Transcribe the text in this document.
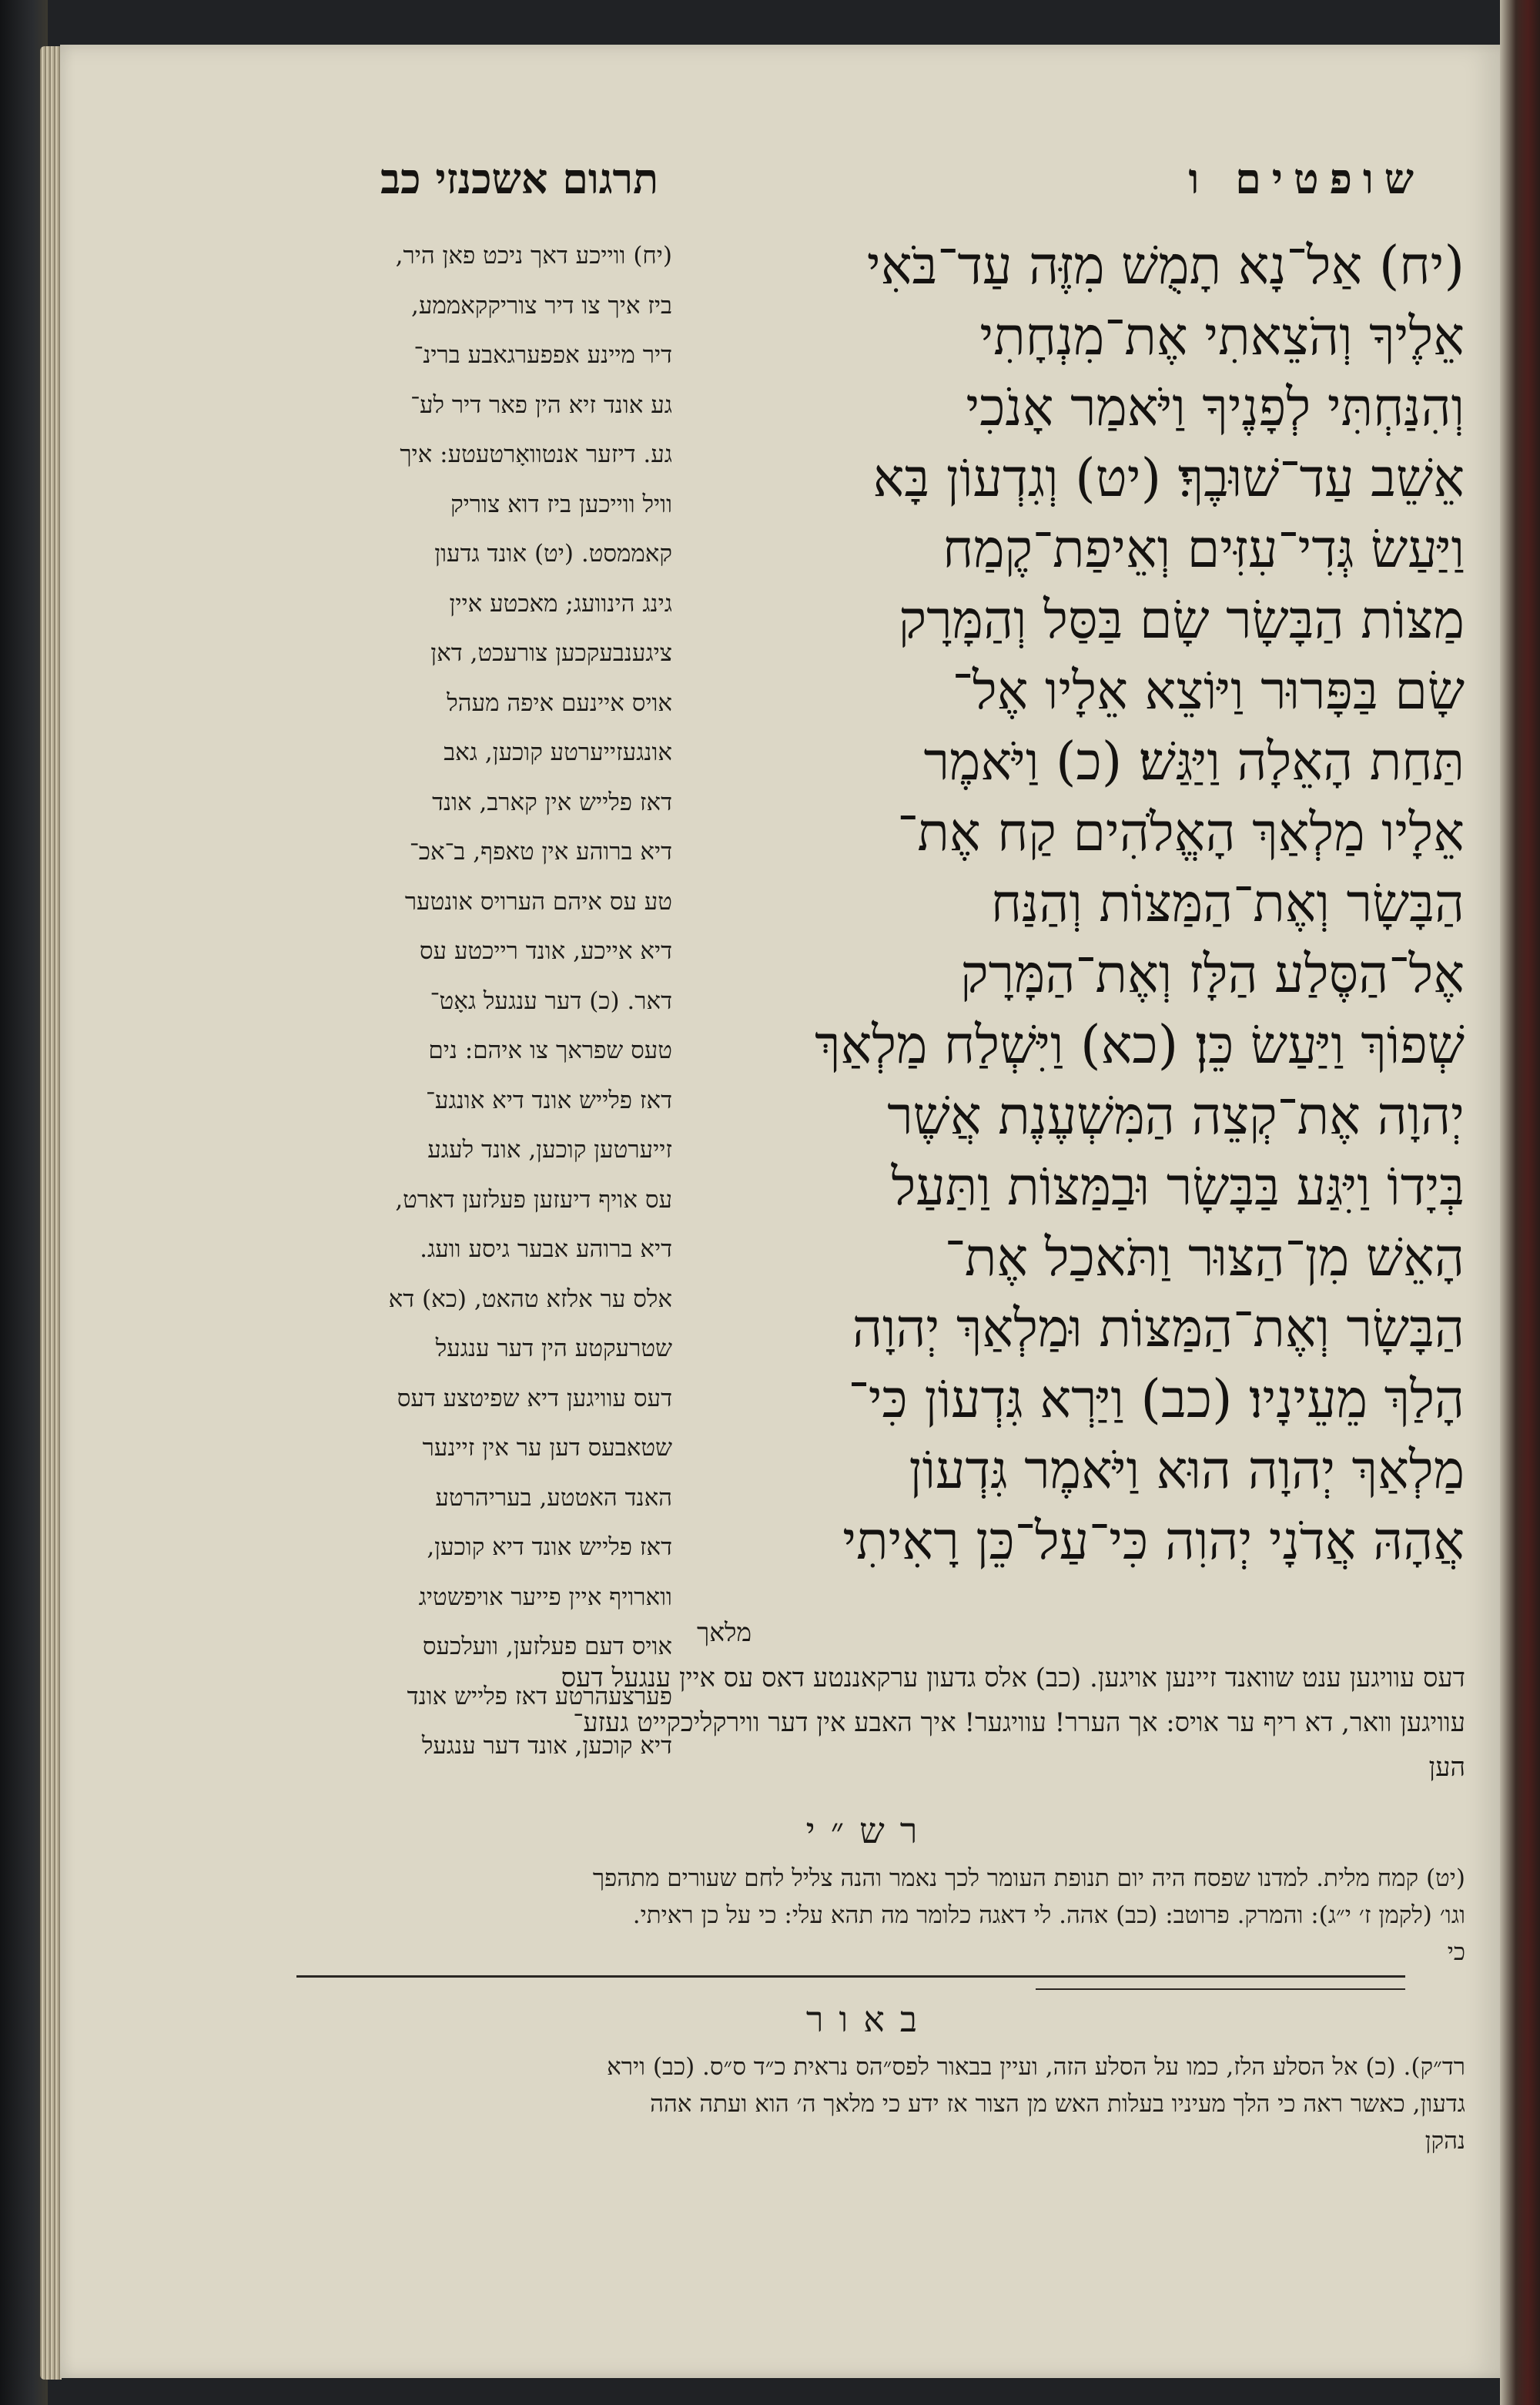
שופטים ו
תרגום אשכנזי כב
(יח) אַל־נָא תָמֻשׁ מִזֶּה עַד־בֹּאִי
אֵלֶיךָ וְהֹצֵאתִי אֶת־מִנְחָתִי
וְהִנַּחְתִּי לְפָנֶיךָ וַיֹּאמַר אָנֹכִי
אֵשֵׁב עַד־שׁוּבֶךָ׃ (יט) וְגִדְעוֹן בָּא
וַיַּעַשׂ גְּדִי־עִזִּים וְאֵיפַת־קֶמַח
מַצּוֹת הַבָּשָׂר שָׂם בַּסַּל וְהַמָּרָק
שָׂם בַּפָּרוּר וַיּוֹצֵא אֵלָיו אֶל־
תַּחַת הָאֵלָה וַיַּגַּשׁ׃ (כ) וַיֹּאמֶר
אֵלָיו מַלְאַךְ הָאֱלֹהִים קַח אֶת־
הַבָּשָׂר וְאֶת־הַמַּצּוֹת וְהַנַּח
אֶל־הַסֶּלַע הַלָּז וְאֶת־הַמָּרָק
שְׁפוֹךְ וַיַּעַשׂ כֵּן׃ (כא) וַיִּשְׁלַח מַלְאַךְ
יְהוָה אֶת־קְצֵה הַמִּשְׁעֶנֶת אֲשֶׁר
בְּיָדוֹ וַיִּגַּע בַּבָּשָׂר וּבַמַּצּוֹת וַתַּעַל
הָאֵשׁ מִן־הַצּוּר וַתֹּאכַל אֶת־
הַבָּשָׂר וְאֶת־הַמַּצּוֹת וּמַלְאַךְ יְהוָה
הָלַךְ מֵעֵינָיו׃ (כב) וַיַּרְא גִּדְעוֹן כִּי־
מַלְאַךְ יְהוָה הוּא וַיֹּאמֶר גִּדְעוֹן
אֲהָהּ אֲדֹנָי יְהוִה כִּי־עַל־כֵּן רָאִיתִי
(יח) ווייכע דאך ניכט פאן היר,
ביז איך צו דיר צוריקקאממע,
דיר מיינע אפפערגאבע ברינ־
גע אונד זיא הין פאר דיר לע־
גע. דיזער אנטוואָרטעטע: איך
וויל ווייכען ביז דוא צוריק
קאממסט. (יט) אונד גדעון
גינג הינוועג; מאכטע איין
ציגענבעקכען צורעכט, דאן
אויס איינעם איפה מעהל
אונגעזייערטע קוכען, גאב
דאז פלייש אין קארב, אונד
דיא ברוהע אין טאפף, ב־אכ־
טע עס איהם הערויס אונטער
דיא אייכע, אונד רייכטע עס
דאר. (כ) דער ענגעל גאָט־
טעס שפראך צו איהם: נים
דאז פלייש אונד דיא אונגע־
זייערטען קוכען, אונד לעגע
עס אויף דיעזען פעלזען דארט,
דיא ברוהע אבער גיסע וועג.
אלס ער אלזא טהאט, (כא) דא
שטרעקטע הין דער ענגעל
דעס עוויגען דיא שפיטצע דעס
שטאבעס דען ער אין זיינער
האנד האטטע, בעריהרטע
דאז פלייש אונד דיא קוכען,
ווארויף איין פייער אויפשטיג
אויס דעם פעלזען, וועלכעס
פערצעהרטע דאז פלייש אונד
דיא קוכען, אונד דער ענגעל
מלאך
דעס עוויגען ענט שוואנד זיינען אויגען. (כב) אלס גדעון ערקאננטע דאס עס איין ענגעל דעס
עוויגען וואר, דא ריף ער אויס: אך הערר! עוויגער! איך האבע אין דער ווירקליכקייט געזע־
הען
רש״י
(יט) קמח מלית. למדנו שפסח היה יום תנופת העומר לכך נאמר והנה צליל לחם שעורים מתהפך
וגו׳ (לקמן ז׳ י״ג): והמרק. פרוטב: (כב) אהה. לי דאגה כלומר מה תהא עלי: כי על כן ראיתי.
כי
באור
רד״ק). (כ) אל הסלע הלז, כמו על הסלע הזה, ועיין בבאור לפס״הס נראית כ״ד ס״ס. (כב) וירא
גדעון, כאשר ראה כי הלך מעיניו בעלות האש מן הצור אז ידע כי מלאך ה׳ הוא ועתה אהה
נהקן
